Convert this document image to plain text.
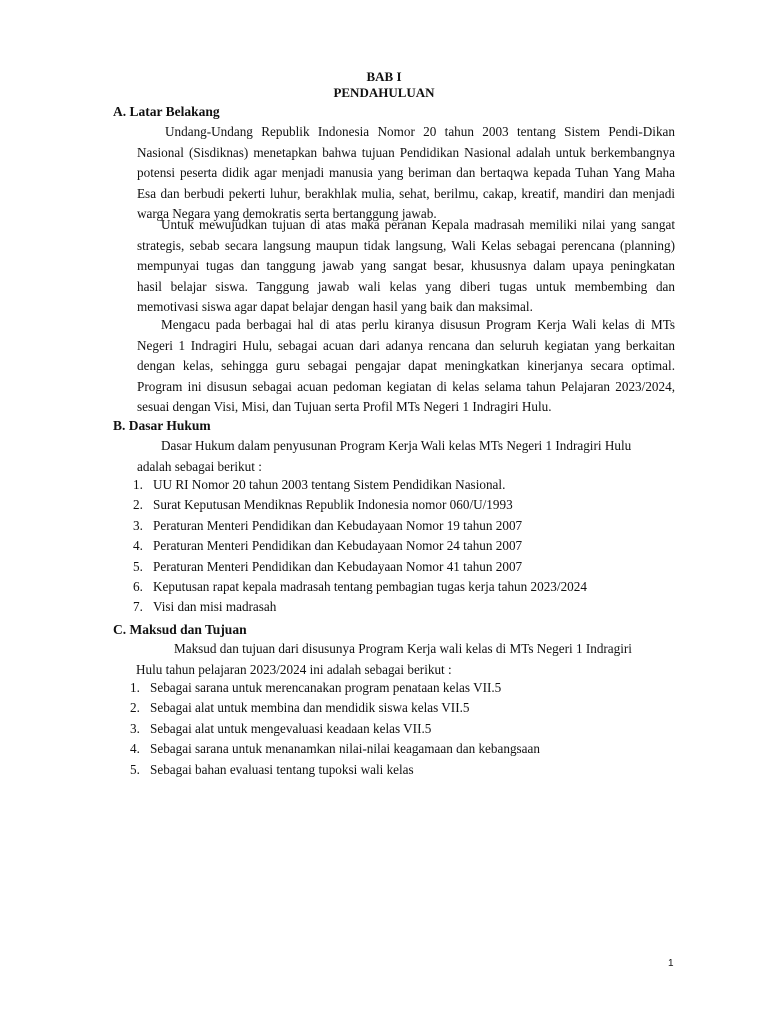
BAB I
PENDAHULUAN
A. Latar Belakang
Undang-Undang Republik Indonesia Nomor 20 tahun 2003 tentang Sistem Pendi-Dikan
Nasional (Sisdiknas) menetapkan bahwa tujuan Pendidikan Nasional adalah untuk berkembangnya
potensi peserta didik agar menjadi manusia yang beriman dan bertaqwa kepada Tuhan Yang Maha
Esa dan berbudi pekerti luhur, berakhlak mulia, sehat, berilmu, cakap, kreatif, mandiri dan menjadi
warga Negara yang demokratis serta bertanggung jawab.
Untuk mewujudkan tujuan di atas maka peranan Kepala madrasah memiliki nilai yang sangat
strategis, sebab secara langsung maupun tidak langsung, Wali Kelas sebagai perencana (planning)
mempunyai tugas dan tanggung jawab yang sangat besar, khususnya dalam upaya peningkatan
hasil belajar siswa. Tanggung jawab wali kelas yang diberi tugas untuk membembing dan
memotivasi siswa agar dapat belajar dengan hasil yang baik dan maksimal.
Mengacu pada berbagai hal di atas perlu kiranya disusun Program Kerja Wali kelas di MTs
Negeri 1 Indragiri Hulu, sebagai acuan dari adanya rencana dan seluruh kegiatan yang berkaitan
dengan kelas, sehingga guru sebagai pengajar dapat meningkatkan kinerjanya secara optimal.
Program ini disusun sebagai acuan pedoman kegiatan di kelas selama tahun Pelajaran 2023/2024,
sesuai dengan Visi, Misi, dan Tujuan serta Profil MTs Negeri 1 Indragiri Hulu.
B. Dasar Hukum
Dasar Hukum dalam penyusunan Program Kerja Wali kelas MTs Negeri 1 Indragiri Hulu
adalah sebagai berikut :
1. UU RI Nomor 20 tahun 2003 tentang Sistem Pendidikan Nasional.
2. Surat Keputusan Mendiknas Republik Indonesia nomor 060/U/1993
3. Peraturan Menteri Pendidikan dan Kebudayaan Nomor 19 tahun 2007
4. Peraturan Menteri Pendidikan dan Kebudayaan Nomor 24 tahun 2007
5. Peraturan Menteri Pendidikan dan Kebudayaan Nomor 41 tahun 2007
6. Keputusan rapat kepala madrasah tentang pembagian tugas kerja tahun 2023/2024
7. Visi dan misi madrasah
C. Maksud dan Tujuan
Maksud dan tujuan dari disusunya Program Kerja wali kelas di MTs Negeri 1 Indragiri
Hulu tahun pelajaran 2023/2024 ini adalah sebagai berikut :
1. Sebagai sarana untuk merencanakan program penataan kelas VII.5
2. Sebagai alat untuk membina dan mendidik siswa kelas VII.5
3. Sebagai alat untuk mengevaluasi keadaan kelas VII.5
4. Sebagai sarana untuk menanamkan nilai-nilai keagamaan dan kebangsaan
5. Sebagai bahan evaluasi tentang tupoksi wali kelas
1
